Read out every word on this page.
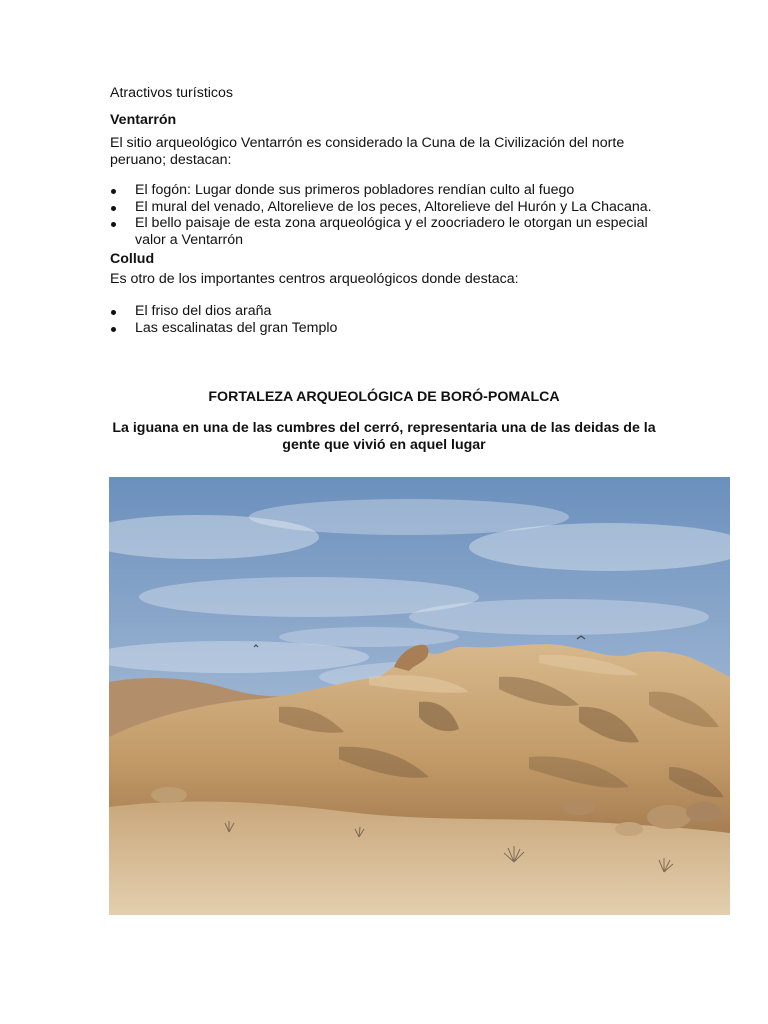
Atractivos turísticos

Ventarrón

El sitio arqueológico Ventarrón es considerado la Cuna de la Civilización del norte peruano; destacan:

El fogón: Lugar donde sus primeros pobladores rendían culto al fuego
El mural del venado, Altorelieve de los peces, Altorelieve del Hurón y La Chacana.
El bello paisaje de esta zona arqueológica y el zoocriadero le otorgan un especial valor a Ventarrón

Collud

Es otro de los importantes centros arqueológicos donde destaca:

El friso del dios araña
Las escalinatas del gran Templo

FORTALEZA ARQUEOLÓGICA DE BORÓ-POMALCA

La iguana en una de las cumbres del cerró, representaria una de las deidas de la gente que vivió en aquel lugar
